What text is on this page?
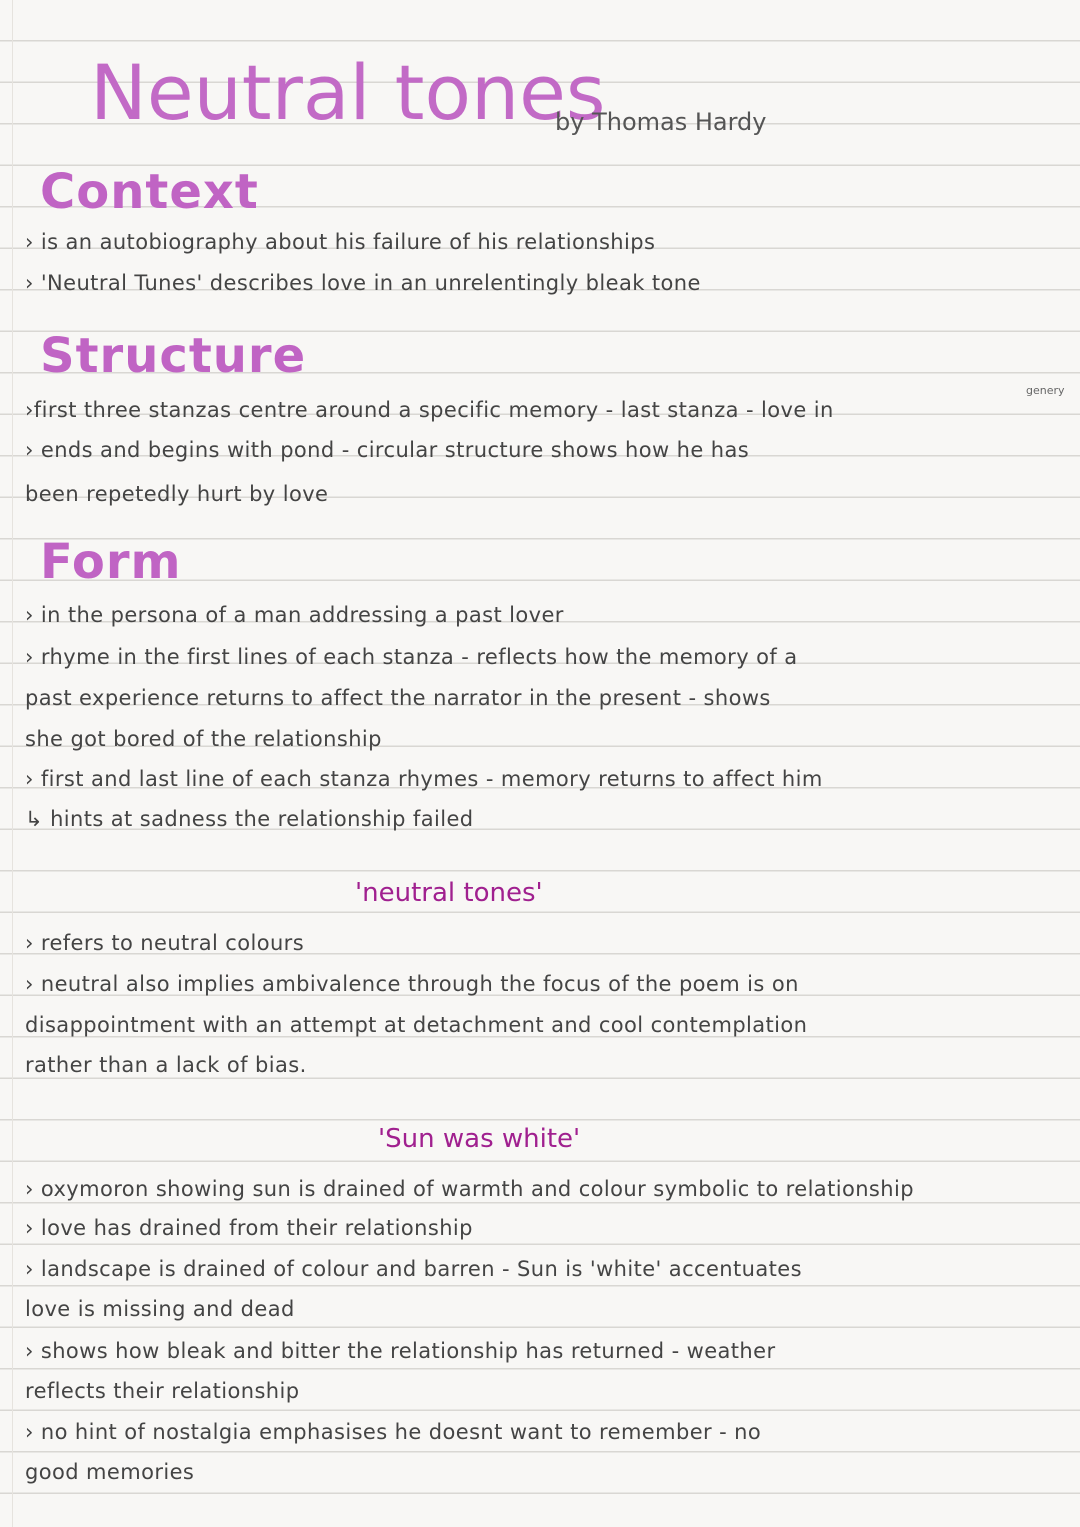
Neutral tones
by Thomas Hardy
Context
› is an autobiography about his failure of his relationships
› 'Neutral Tunes' describes love in an unrelentingly bleak tone
Structure
genery
›first three stanzas centre around a specific memory - last stanza - love in
› ends and begins with pond - circular structure shows how he has
been repetedly hurt by love
Form
› in the persona of a man addressing a past lover
› rhyme in the first lines of each stanza - reflects how the memory of a
past experience returns to affect the narrator in the present - shows
she got bored of the relationship
› first and last line of each stanza rhymes - memory returns to affect him
↳ hints at sadness the relationship failed
'neutral tones'
› refers to neutral colours
› neutral also implies ambivalence through the focus of the poem is on
disappointment with an attempt at detachment and cool contemplation
rather than a lack of bias.
'Sun was white'
› oxymoron showing sun is drained of warmth and colour symbolic to relationship
› love has drained from their relationship
› landscape is drained of colour and barren - Sun is 'white' accentuates
love is missing and dead
› shows how bleak and bitter the relationship has returned - weather
reflects their relationship
› no hint of nostalgia emphasises he doesnt want to remember - no
good memories
